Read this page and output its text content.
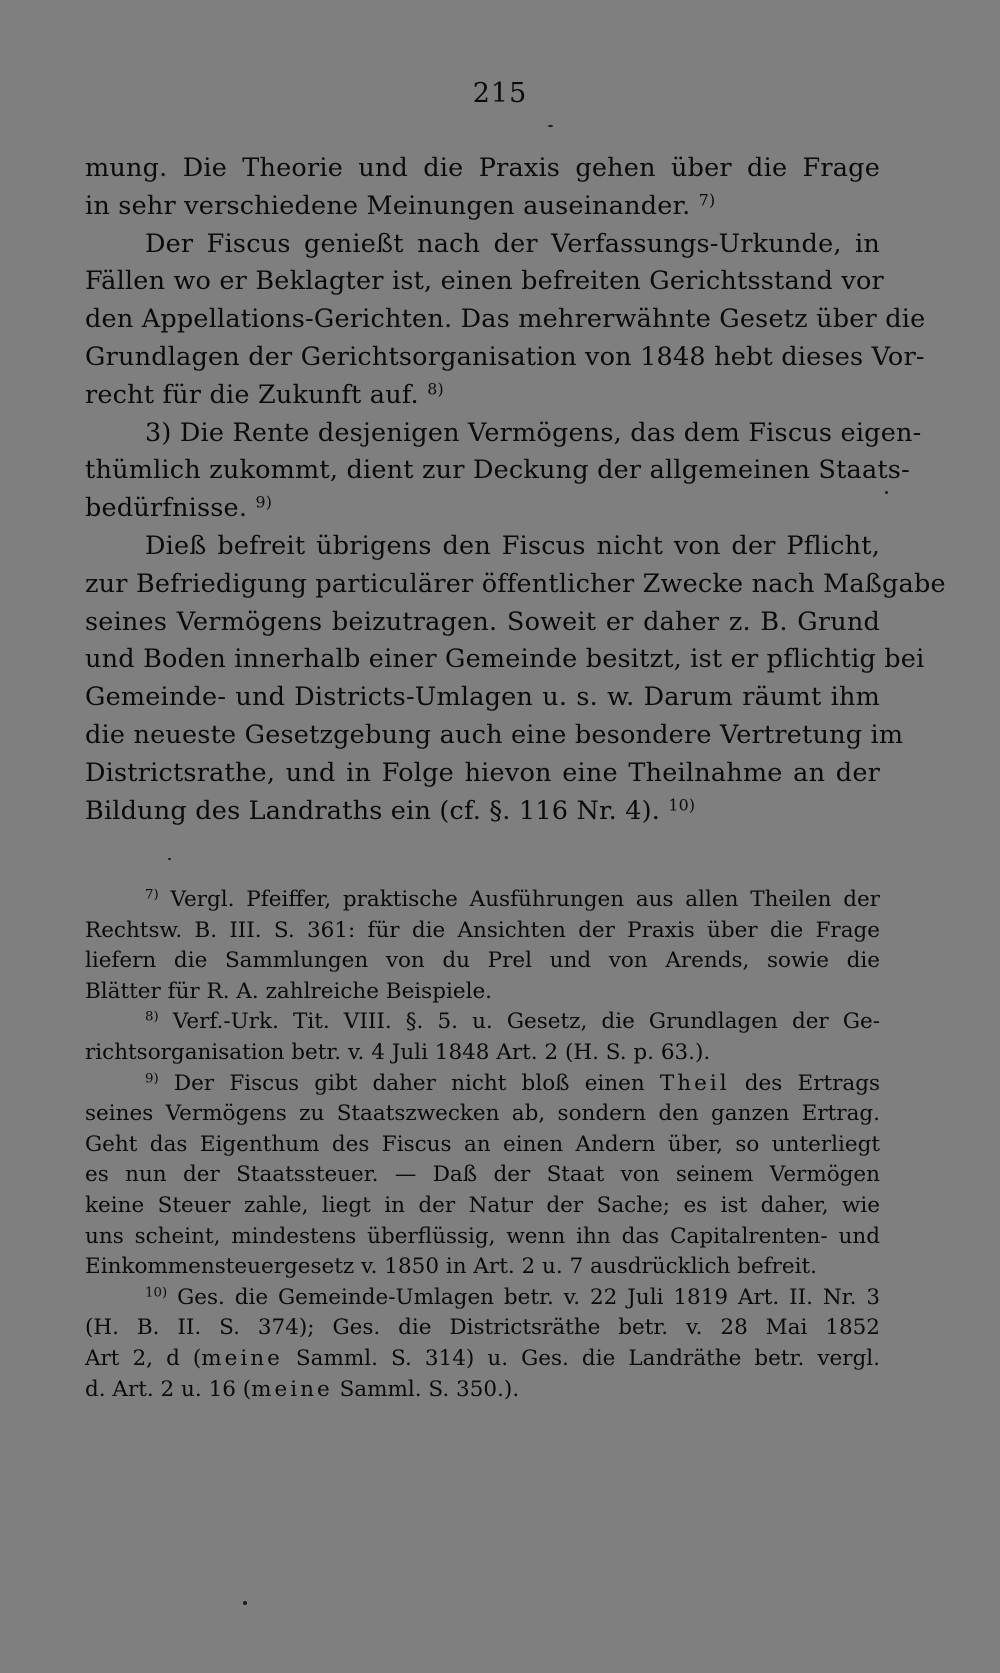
215
mung. Die Theorie und die Praxis gehen über die Frage
in sehr verschiedene Meinungen auseinander. $^{7)}$
Der Fiscus genießt nach der Verfassungs-Urkunde, in
Fällen wo er Beklagter ist, einen befreiten Gerichtsstand vor
den Appellations-Gerichten. Das mehrerwähnte Gesetz über die
Grundlagen der Gerichtsorganisation von 1848 hebt dieses Vor-
recht für die Zukunft auf. $^{8)}$
3) Die Rente desjenigen Vermögens, das dem Fiscus eigen-
thümlich zukommt, dient zur Deckung der allgemeinen Staats-
bedürfnisse. $^{9)}$
Dieß befreit übrigens den Fiscus nicht von der Pflicht,
zur Befriedigung particulärer öffentlicher Zwecke nach Maßgabe
seines Vermögens beizutragen. Soweit er daher z. B. Grund
und Boden innerhalb einer Gemeinde besitzt, ist er pflichtig bei
Gemeinde- und Districts-Umlagen u. s. w. Darum räumt ihm
die neueste Gesetzgebung auch eine besondere Vertretung im
Districtsrathe, und in Folge hievon eine Theilnahme an der
Bildung des Landraths ein (cf. §. 116 Nr. 4). $^{10)}$
$^{7)}$ Vergl. Pfeiffer, praktische Ausführungen aus allen Theilen der
Rechtsw. B. III. S. 361: für die Ansichten der Praxis über die Frage
liefern die Sammlungen von du Prel und von Arends, sowie die
Blätter für R. A. zahlreiche Beispiele.
$^{8)}$ Verf.-Urk. Tit. VIII. §. 5. u. Gesetz, die Grundlagen der Ge-
richtsorganisation betr. v. 4 Juli 1848 Art. 2 (H. S. p. 63.).
$^{9)}$ Der Fiscus gibt daher nicht bloß einen Theil des Ertrags
seines Vermögens zu Staatszwecken ab, sondern den ganzen Ertrag.
Geht das Eigenthum des Fiscus an einen Andern über, so unterliegt
es nun der Staatssteuer. — Daß der Staat von seinem Vermögen
keine Steuer zahle, liegt in der Natur der Sache; es ist daher, wie
uns scheint, mindestens überflüssig, wenn ihn das Capitalrenten- und
Einkommensteuergesetz v. 1850 in Art. 2 u. 7 ausdrücklich befreit.
$^{10)}$ Ges. die Gemeinde-Umlagen betr. v. 22 Juli 1819 Art. II. Nr. 3
(H. B. II. S. 374); Ges. die Districtsräthe betr. v. 28 Mai 1852
Art 2, d (meine Samml. S. 314) u. Ges. die Landräthe betr. vergl.
d. Art. 2 u. 16 (meine Samml. S. 350.).
